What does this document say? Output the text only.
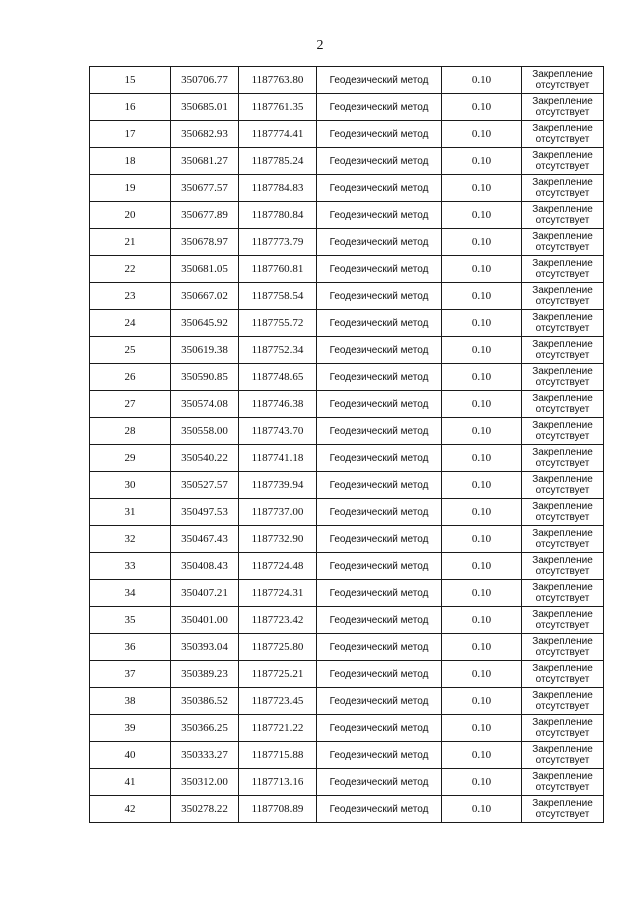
2
15	350706.77	1187763.80	Геодезический метод	0.10	Закрепление
отсутствует

16	350685.01	1187761.35	Геодезический метод	0.10	Закрепление
отсутствует

17	350682.93	1187774.41	Геодезический метод	0.10	Закрепление
отсутствует

18	350681.27	1187785.24	Геодезический метод	0.10	Закрепление
отсутствует

19	350677.57	1187784.83	Геодезический метод	0.10	Закрепление
отсутствует

20	350677.89	1187780.84	Геодезический метод	0.10	Закрепление
отсутствует

21	350678.97	1187773.79	Геодезический метод	0.10	Закрепление
отсутствует

22	350681.05	1187760.81	Геодезический метод	0.10	Закрепление
отсутствует

23	350667.02	1187758.54	Геодезический метод	0.10	Закрепление
отсутствует

24	350645.92	1187755.72	Геодезический метод	0.10	Закрепление
отсутствует

25	350619.38	1187752.34	Геодезический метод	0.10	Закрепление
отсутствует

26	350590.85	1187748.65	Геодезический метод	0.10	Закрепление
отсутствует

27	350574.08	1187746.38	Геодезический метод	0.10	Закрепление
отсутствует

28	350558.00	1187743.70	Геодезический метод	0.10	Закрепление
отсутствует

29	350540.22	1187741.18	Геодезический метод	0.10	Закрепление
отсутствует

30	350527.57	1187739.94	Геодезический метод	0.10	Закрепление
отсутствует

31	350497.53	1187737.00	Геодезический метод	0.10	Закрепление
отсутствует

32	350467.43	1187732.90	Геодезический метод	0.10	Закрепление
отсутствует

33	350408.43	1187724.48	Геодезический метод	0.10	Закрепление
отсутствует

34	350407.21	1187724.31	Геодезический метод	0.10	Закрепление
отсутствует

35	350401.00	1187723.42	Геодезический метод	0.10	Закрепление
отсутствует

36	350393.04	1187725.80	Геодезический метод	0.10	Закрепление
отсутствует

37	350389.23	1187725.21	Геодезический метод	0.10	Закрепление
отсутствует

38	350386.52	1187723.45	Геодезический метод	0.10	Закрепление
отсутствует

39	350366.25	1187721.22	Геодезический метод	0.10	Закрепление
отсутствует

40	350333.27	1187715.88	Геодезический метод	0.10	Закрепление
отсутствует

41	350312.00	1187713.16	Геодезический метод	0.10	Закрепление
отсутствует

42	350278.22	1187708.89	Геодезический метод	0.10	Закрепление
отсутствует
